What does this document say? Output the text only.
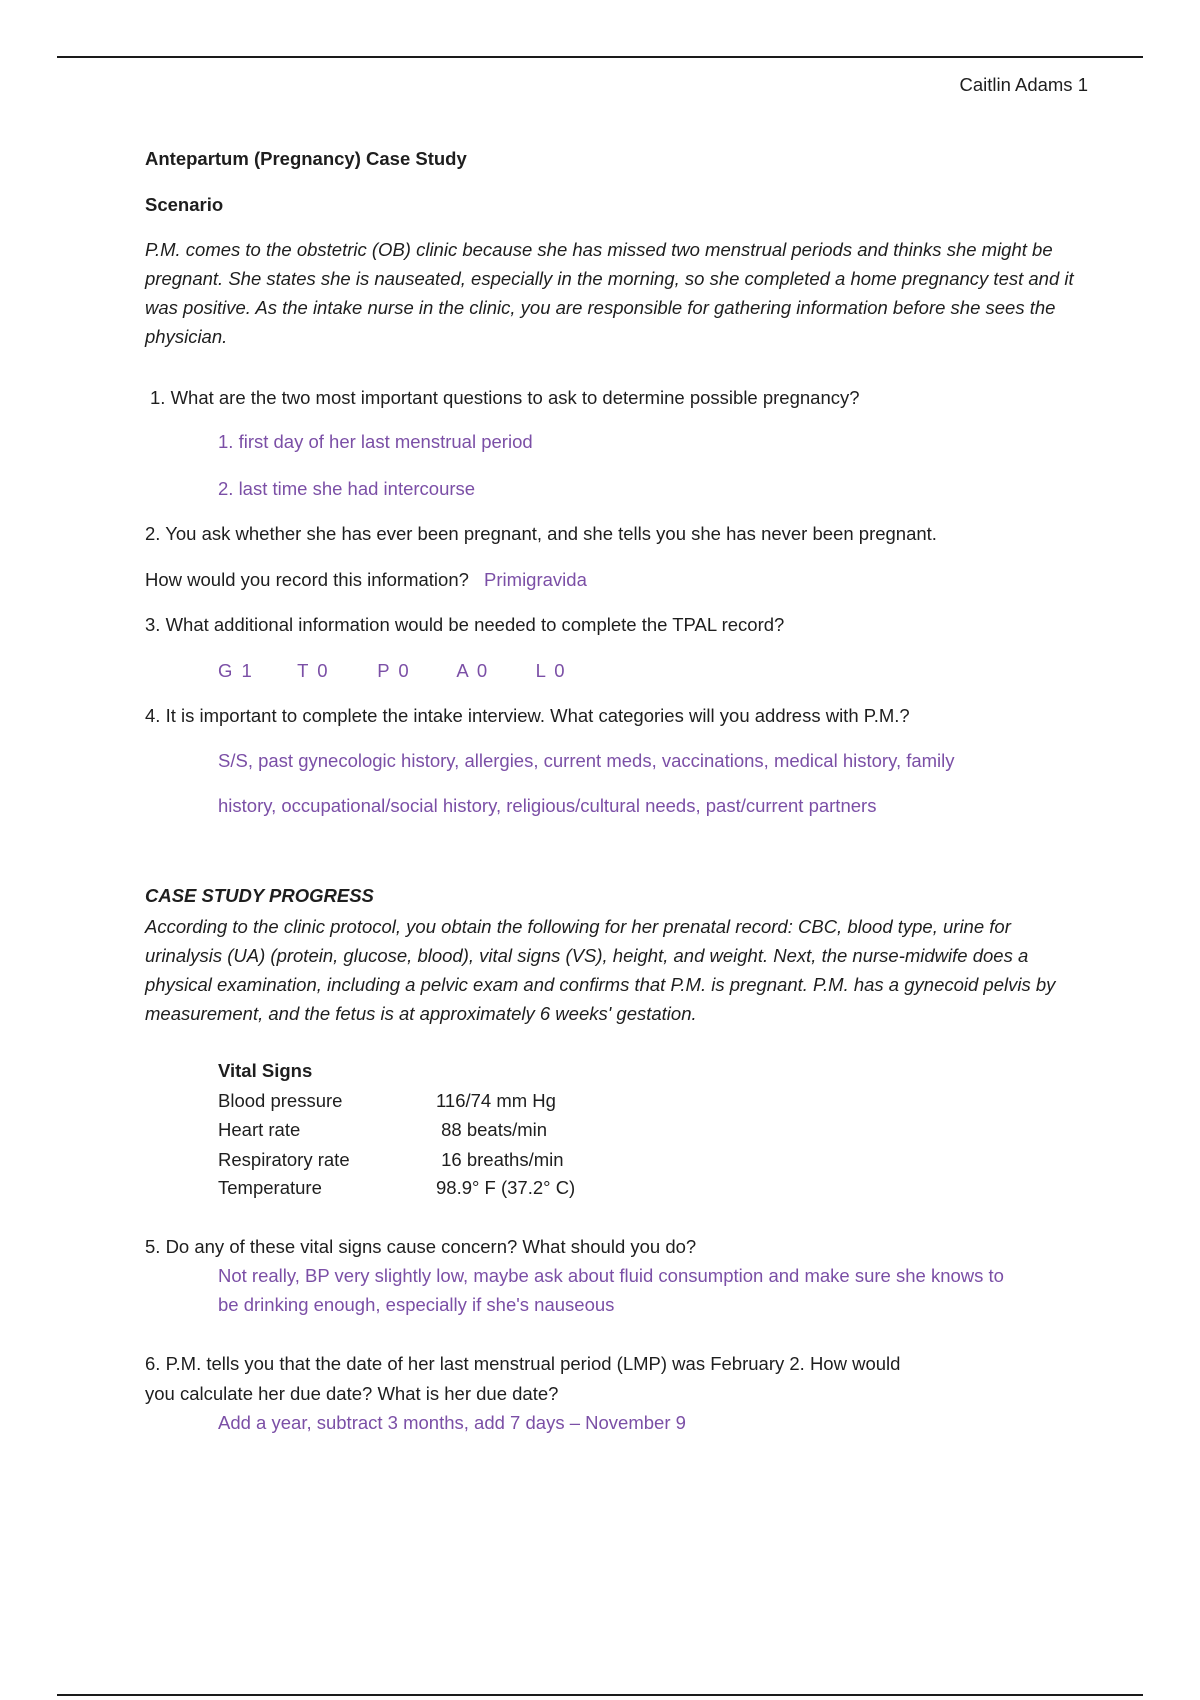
Caitlin Adams 1
Antepartum (Pregnancy) Case Study
Scenario
P.M. comes to the obstetric (OB) clinic because she has missed two menstrual periods and thinks she might be pregnant. She states she is nauseated, especially in the morning, so she completed a home pregnancy test and it was positive. As the intake nurse in the clinic, you are responsible for gathering information before she sees the physician.
1. What are the two most important questions to ask to determine possible pregnancy?
1. first day of her last menstrual period
2. last time she had intercourse
2. You ask whether she has ever been pregnant, and she tells you she has never been pregnant.
How would you record this information? Primigravida
3. What additional information would be needed to complete the TPAL record?
G 1 T 0	P 0 A 0	L 0
4. It is important to complete the intake interview. What categories will you address with P.M.?
S/S, past gynecologic history, allergies, current meds, vaccinations, medical history, family
history, occupational/social history, religious/cultural needs, past/current partners
CASE STUDY PROGRESS
According to the clinic protocol, you obtain the following for her prenatal record: CBC, blood type, urine for urinalysis (UA) (protein, glucose, blood), vital signs (VS), height, and weight. Next, the nurse-midwife does a physical examination, including a pelvic exam and confirms that P.M. is pregnant. P.M. has a gynecoid pelvis by measurement, and the fetus is at approximately 6 weeks' gestation.
Vital Signs
Blood pressure	116/74 mm Hg
Heart rate	88 beats/min
Respiratory rate	16 breaths/min
Temperature	98.9° F (37.2° C)
5. Do any of these vital signs cause concern? What should you do?
Not really, BP very slightly low, maybe ask about fluid consumption and make sure she knows to
be drinking enough, especially if she's nauseous
6. P.M. tells you that the date of her last menstrual period (LMP) was February 2. How would
you calculate her due date? What is her due date?
Add a year, subtract 3 months, add 7 days – November 9
